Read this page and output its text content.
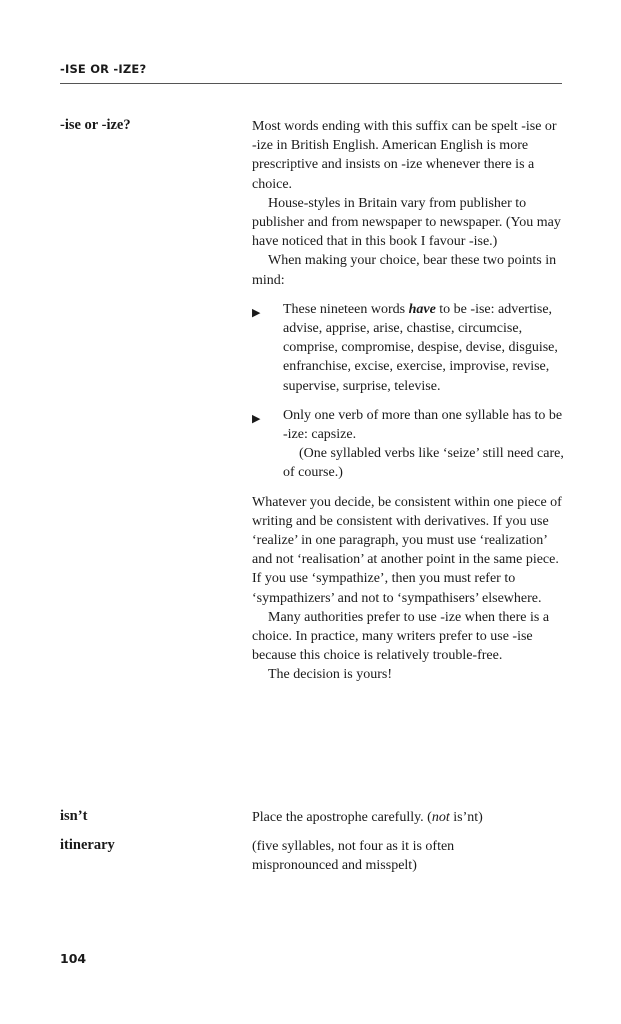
-ISE OR -IZE?
-ise or -ize?	Most words ending with this suffix can be spelt -ise or -ize in British English. American English is more prescriptive and insists on -ize whenever there is a choice.

House-styles in Britain vary from publisher to publisher and from newspaper to newspaper. (You may have noticed that in this book I favour -ise.)

When making your choice, bear these two points in mind:

▶ These nineteen words have to be -ise: advertise, advise, apprise, arise, chastise, circumcise, comprise, compromise, despise, devise, disguise, enfranchise, excise, exercise, improvise, revise, supervise, surprise, televise.
▶ Only one verb of more than one syllable has to be -ize: capsize.

(One syllabled verbs like ‘seize’ still need care, of course.)

Whatever you decide, be consistent within one piece of writing and be consistent with derivatives. If you use ‘realize’ in one paragraph, you must use ‘realization’ and not ‘realisation’ at another point in the same piece. If you use ‘sympathize’, then you must refer to ‘sympathizers’ and not to ‘sympathisers’ elsewhere.

Many authorities prefer to use -ize when there is a choice. In practice, many writers prefer to use -ise because this choice is relatively trouble-free.

The decision is yours!

isn’t	Place the apostrophe carefully. (not is’nt)
itinerary	(five syllables, not four as it is often mispronounced and misspelt)
104
